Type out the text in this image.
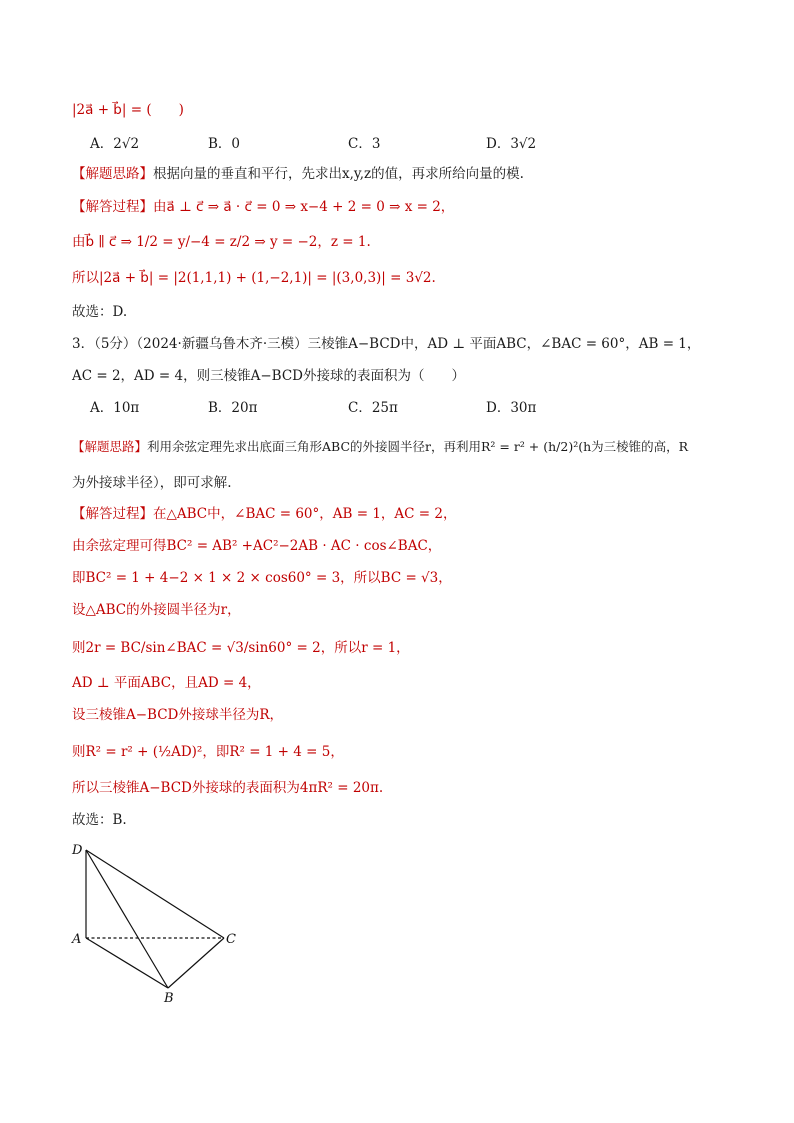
|2a⃗ + b⃗| = (　　)
A．2√2	B．0	C．3	D．3√2
【解题思路】根据向量的垂直和平行，先求出x,y,z的值，再求所给向量的模.
【解答过程】由a⃗ ⊥ c⃗ ⇒ a⃗ · c⃗ = 0 ⇒ x−4 + 2 = 0 ⇒ x = 2，
由b⃗ ∥ c⃗ ⇒ 1/2 = y/−4 = z/2 ⇒ y = −2，z = 1.
所以|2a⃗ + b⃗| = |2(1,1,1) + (1,−2,1)| = |(3,0,3)| = 3√2.
故选：D.
3．（5分）（2024·新疆乌鲁木齐·三模）三棱锥A−BCD中，AD ⊥ 平面ABC，∠BAC = 60°，AB = 1，
AC = 2，AD = 4，则三棱锥A−BCD外接球的表面积为（　　）
A．10π	B．20π	C．25π	D．30π
【解题思路】利用余弦定理先求出底面三角形ABC的外接圆半径r，再利用R² = r² + (h/2)²(h为三棱锥的高，R
为外接球半径），即可求解.
【解答过程】在△ABC中，∠BAC = 60°，AB = 1，AC = 2，
由余弦定理可得BC² = AB² +AC²−2AB · AC · cos∠BAC，
即BC² = 1 + 4−2 × 1 × 2 × cos60° = 3，所以BC = √3，
设△ABC的外接圆半径为r，
则2r = BC/sin∠BAC = √3/sin60° = 2，所以r = 1，
AD ⊥ 平面ABC，且AD = 4，
设三棱锥A−BCD外接球半径为R，
则R² = r² + (½AD)²，即R² = 1 + 4 = 5，
所以三棱锥A−BCD外接球的表面积为4πR² = 20π.
故选：B.
D
A
B
C
